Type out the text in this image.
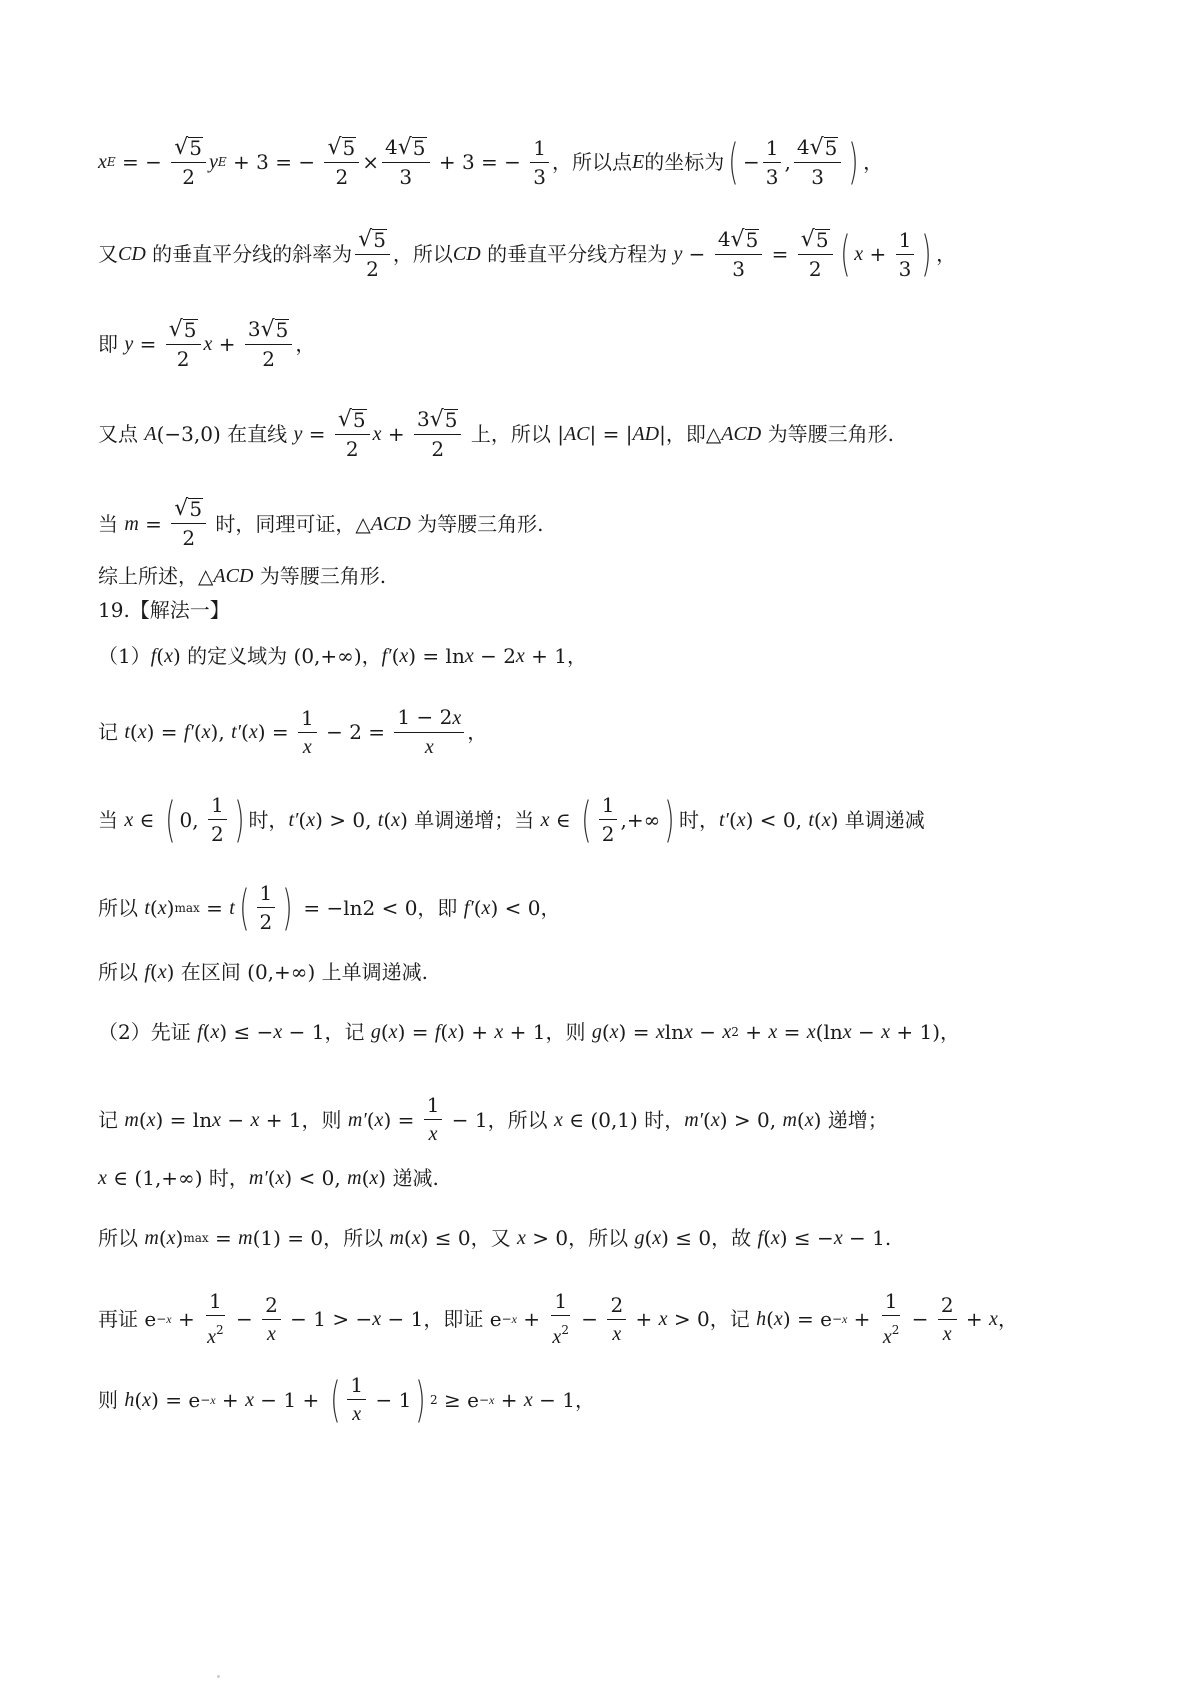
x E = − $\frac{√ 5}{2}$ y E + 3 = − $\frac{√ 5}{2} \times \frac{4 √ 5}{3} + 3$ = − $\frac{1}{3}$ ，所以点 E 的坐标为 ( − $\frac{1}{3}$ , $\frac{4 √ 5}{3}$ ) ，
又 CD 的垂直平分线的斜率为 $\frac{√ 5}{2}$ ，所以 CD 的垂直平分线方程为 $y - \frac{4 √ 5}{3} = \frac{√ 5}{2}$ ( $x + \frac{1}{3}$ ) ，
即 $y = \frac{√ 5}{2}$ $x + \frac{3 √ 5}{2}$ ，
又点 A (−3,0) 在直线 $y = \frac{√ 5}{2}$ $x + \frac{3 √ 5}{2}$ 上，所以 | AC | = | AD |，即△ ACD 为等腰三角形.
当 $m = \frac{√ 5}{2}$ 时，同理可证，△ ACD 为等腰三角形.
综上所述，△ ACD 为等腰三角形.
19.【解法一】
（1） f ( x ) 的定义域为 (0,+∞)， f′ ( x ) = ln x − 2 x + 1，
记 t ( x ) = f′ ( x ), t′ ( x ) = $\frac{1}{x} - 2 = \frac{1 - 2x}{x}$ ，
当 x ∈ ( 0, $\frac{1}{2}$ ) 时， t′ ( x ) > 0, t ( x ) 单调递增；当 x ∈ ( $\frac{1}{2}$ ,+∞ ) 时， t′ ( x ) < 0, t ( x ) 单调递减
所以 t ( x ) max = t ( $\frac{1}{2}$ ) = −ln2 < 0，即 f′ ( x ) < 0，
所以 f ( x ) 在区间 (0,+∞) 上单调递减.
（2）先证 f ( x ) ≤ − x − 1，记 g ( x ) = f ( x ) + x + 1，则 g ( x ) = x ln x − x 2 + x = x (ln x − x + 1)，
记 m ( x ) = ln x − x + 1，则 m′ ( x ) = $\frac{1}{x} - 1$，所以 x ∈ (0,1) 时， m′ ( x ) > 0, m ( x ) 递增；
x ∈ (1,+∞) 时， m′ ( x ) < 0, m ( x ) 递减.
所以 m ( x ) max = m (1) = 0，所以 m ( x ) ≤ 0，又 x > 0，所以 g ( x ) ≤ 0，故 f ( x ) ≤ − x − 1.
再证 $e -x + \frac{1}{x^2} - \frac{2}{x} - 1$ > − x − 1，即证 $e -x + \frac{1}{x^2} - \frac{2}{x} + x > 0$，记 h ( x ) = $e -x + \frac{1}{x^2} - \frac{2}{x} + x$ ，
则 h ( x ) = e −x + x − 1 + ( $\frac{1}{x} - 1$ ) 2 ≥ e −x + x − 1，
